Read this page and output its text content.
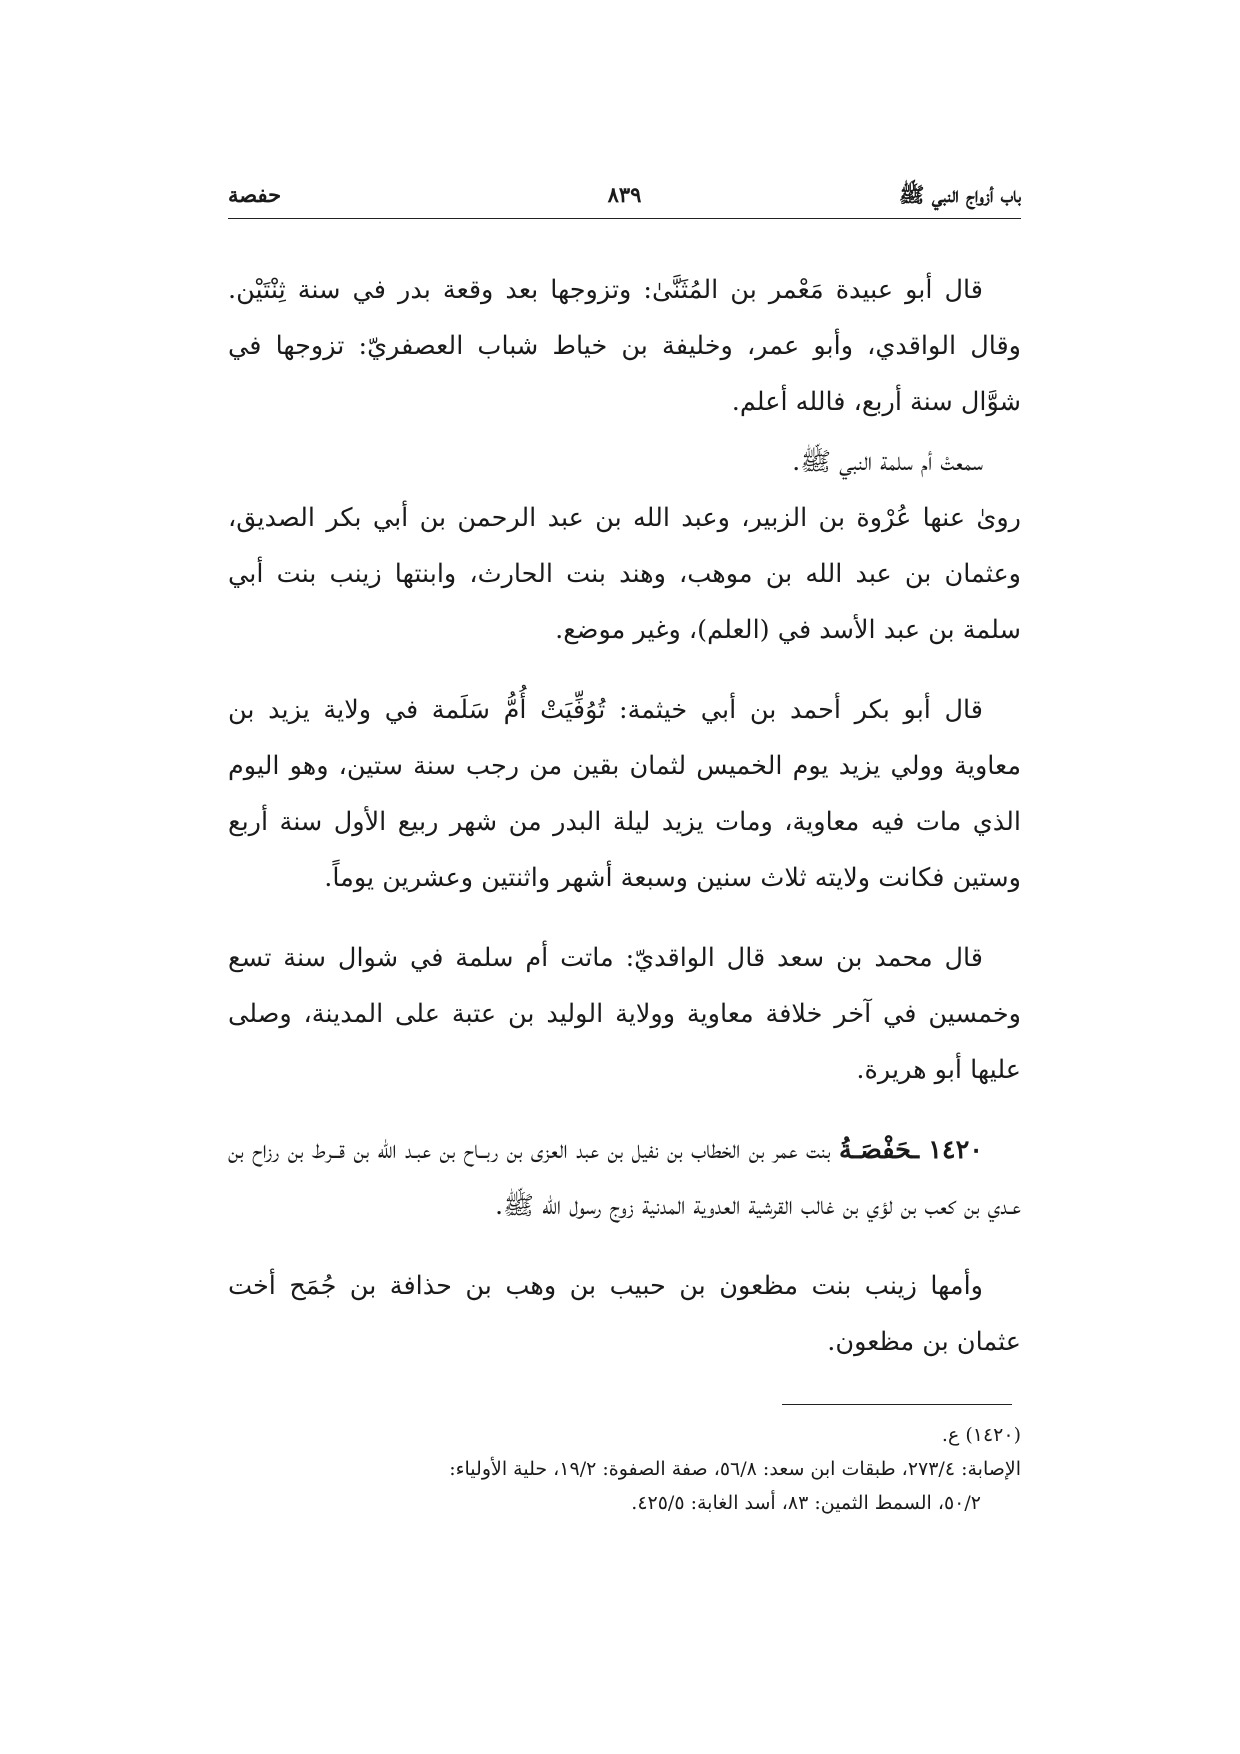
باب أزواج النبي ﷺ
٨٣٩
حفصة

قال أبو عبيدة مَعْمر بن المُثَنَّىٰ: وتزوجها بعد وقعة بدر في سنة ثِنْتَيْن. وقال الواقدي، وأبو عمر، وخليفة بن خياط شباب العصفريّ: تزوجها في شوَّال سنة أربع، فالله أعلم.

سمعتْ أم سلمة النبي ﷺ.

روىٰ عنها عُرْوة بن الزبير، وعبد الله بن عبد الرحمن بن أبي بكر الصديق، وعثمان بن عبد الله بن موهب، وهند بنت الحارث، وابنتها زينب بنت أبي سلمة بن عبد الأسد في (العلم)، وغير موضع.

قال أبو بكر أحمد بن أبي خيثمة: تُوُفِّيَتْ أُمُّ سَلَمة في ولاية يزيد بن معاوية وولي يزيد يوم الخميس لثمان بقين من رجب سنة ستين، وهو اليوم الذي مات فيه معاوية، ومات يزيد ليلة البدر من شهر ربيع الأول سنة أربع وستين فكانت ولايته ثلاث سنين وسبعة أشهر واثنتين وعشرين يوماً.

قال محمد بن سعد قال الواقديّ: ماتت أم سلمة في شوال سنة تسع وخمسين في آخر خلافة معاوية وولاية الوليد بن عتبة على المدينة، وصلى عليها أبو هريرة.

١٤٢٠ ـحَفْصَـةُ بنت عمر بن الخطاب بن نفيل بن عبد العزى بن ربــاح بن عبـد الله بن قــرط بن رزاح بن عـدي بن كعب بن لؤي بن غالب القرشية العدوية المدنية زوج رسول الله ﷺ.

وأمها زينب بنت مظعون بن حبيب بن وهب بن حذافة بن جُمَح أخت عثمان بن مظعون.

(١٤٢٠) ع.

الإصابة: ٢٧٣/٤، طبقات ابن سعد: ٥٦/٨، صفة الصفوة: ١٩/٢، حلية الأولياء:

٥٠/٢، السمط الثمين: ٨٣، أسد الغابة: ٤٢٥/٥.
